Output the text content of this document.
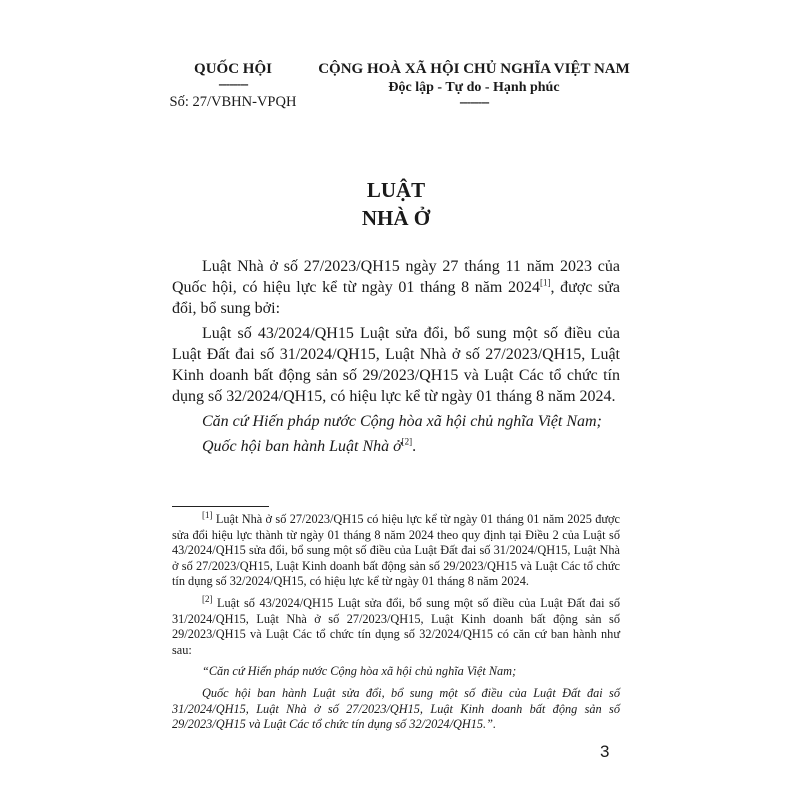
QUỐC HỘI
--------
Số: 27/VBHN-VPQH
CỘNG HOÀ XÃ HỘI CHỦ NGHĨA VIỆT NAM
Độc lập - Tự do - Hạnh phúc
--------
LUẬT
NHÀ Ở

Luật Nhà ở số 27/2023/QH15 ngày 27 tháng 11 năm 2023 của Quốc hội, có hiệu lực kể từ ngày 01 tháng 8 năm 2024[1], được sửa đổi, bổ sung bởi:

Luật số 43/2024/QH15 Luật sửa đổi, bổ sung một số điều của Luật Đất đai số 31/2024/QH15, Luật Nhà ở số 27/2023/QH15, Luật Kinh doanh bất động sản số 29/2023/QH15 và Luật Các tổ chức tín dụng số 32/2024/QH15, có hiệu lực kể từ ngày 01 tháng 8 năm 2024.

Căn cứ Hiến pháp nước Cộng hòa xã hội chủ nghĩa Việt Nam;

Quốc hội ban hành Luật Nhà ở[2].

[1] Luật Nhà ở số 27/2023/QH15 có hiệu lực kể từ ngày 01 tháng 01 năm 2025 được sửa đổi hiệu lực thành từ ngày 01 tháng 8 năm 2024 theo quy định tại Điều 2 của Luật số 43/2024/QH15 sửa đổi, bổ sung một số điều của Luật Đất đai số 31/2024/QH15, Luật Nhà ở số 27/2023/QH15, Luật Kinh doanh bất động sản số 29/2023/QH15 và Luật Các tổ chức tín dụng số 32/2024/QH15, có hiệu lực kể từ ngày 01 tháng 8 năm 2024.

[2] Luật số 43/2024/QH15 Luật sửa đổi, bổ sung một số điều của Luật Đất đai số 31/2024/QH15, Luật Nhà ở số 27/2023/QH15, Luật Kinh doanh bất động sản số 29/2023/QH15 và Luật Các tổ chức tín dụng số 32/2024/QH15 có căn cứ ban hành như sau:

“Căn cứ Hiến pháp nước Cộng hòa xã hội chủ nghĩa Việt Nam;

Quốc hội ban hành Luật sửa đổi, bổ sung một số điều của Luật Đất đai số 31/2024/QH15, Luật Nhà ở số 27/2023/QH15, Luật Kinh doanh bất động sản số 29/2023/QH15 và Luật Các tổ chức tín dụng số 32/2024/QH15.”.

3
